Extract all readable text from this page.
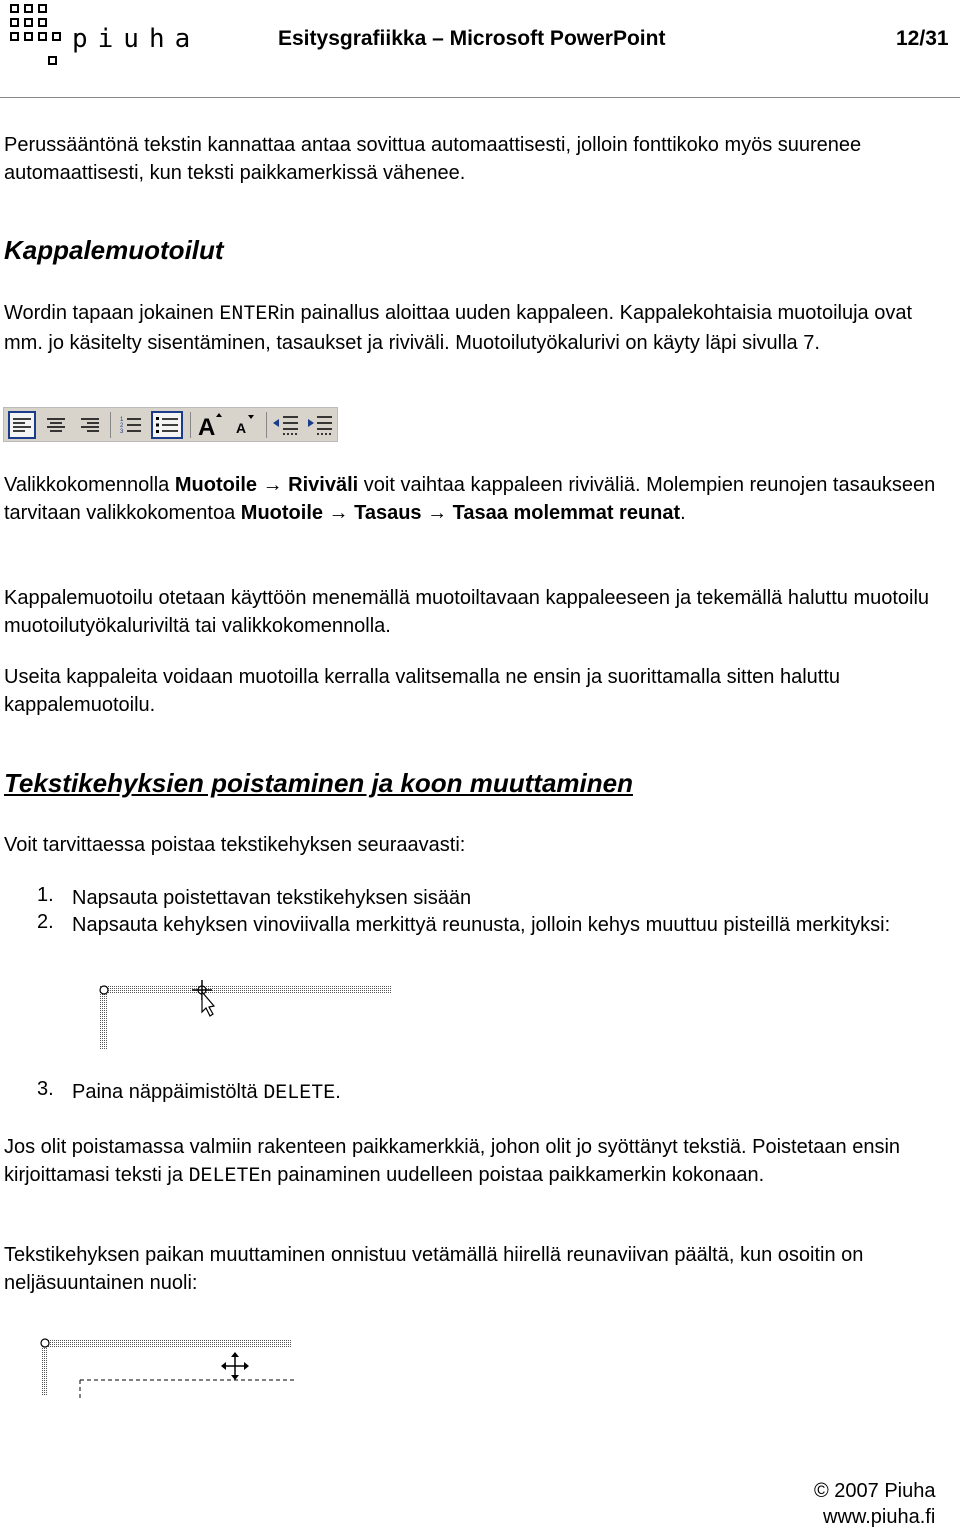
piuha	Esitysgrafiikka – Microsoft PowerPoint	12/31

Perussääntönä tekstin kannattaa antaa sovittua automaattisesti, jolloin fonttikoko myös suurenee automaattisesti, kun teksti paikkamerkissä vähenee.

Kappalemuotoilut

Wordin tapaan jokainen ENTERin painallus aloittaa uuden kappaleen. Kappalekohtaisia muotoiluja ovat mm. jo käsitelty sisentäminen, tasaukset ja riviväli. Muotoilutyökalurivi on käyty läpi sivulla 7.

1
2
3	A A

Valikkokomennolla Muotoile → Riviväli voit vaihtaa kappaleen riviväliä. Molempien reunojen tasaukseen tarvitaan valikkokomentoa Muotoile → Tasaus → Tasaa molemmat reunat.

Kappalemuotoilu otetaan käyttöön menemällä muotoiltavaan kappaleeseen ja tekemällä haluttu muotoilu muotoilutyökaluriviltä tai valikkokomennolla.

Useita kappaleita voidaan muotoilla kerralla valitsemalla ne ensin ja suorittamalla sitten haluttu kappalemuotoilu.

Tekstikehyksien poistaminen ja koon muuttaminen

Voit tarvittaessa poistaa tekstikehyksen seuraavasti:

1. Napsauta poistettavan tekstikehyksen sisään

2. Napsauta kehyksen vinoviivalla merkittyä reunusta, jolloin kehys muuttuu pisteillä merkityksi:

3. Paina näppäimistöltä DELETE.

Jos olit poistamassa valmiin rakenteen paikkamerkkiä, johon olit jo syöttänyt tekstiä. Poistetaan ensin kirjoittamasi teksti ja DELETEn painaminen uudelleen poistaa paikkamerkin kokonaan.

Tekstikehyksen paikan muuttaminen onnistuu vetämällä hiirellä reunaviivan päältä, kun osoitin on neljäsuuntainen nuoli:

© 2007 Piuha
www.piuha.fi
